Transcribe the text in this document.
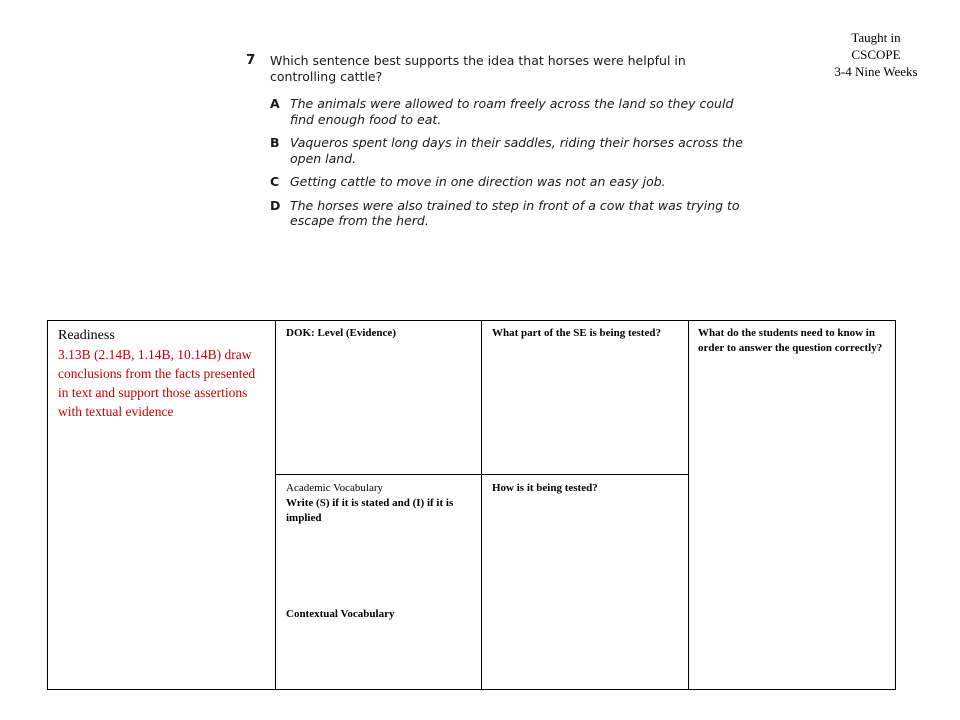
Taught in
CSCOPE
3-4 Nine Weeks
7 Which sentence best supports the idea that horses were helpful in controlling cattle?
A The animals were allowed to roam freely across the land so they could find enough food to eat.
B Vaqueros spent long days in their saddles, riding their horses across the open land.
C Getting cattle to move in one direction was not an easy job.
D The horses were also trained to step in front of a cow that was trying to escape from the herd.
Readiness
3.13B (2.14B, 1.14B, 10.14B) draw conclusions from the facts presented in text and support those assertions with textual evidence
DOK: Level (Evidence)	What part of the SE is being tested?	What do the students need to know in order to answer the question correctly?
Academic Vocabulary
Write (S) if it is stated and (I) if it is implied
Contextual Vocabulary
How is it being tested?
